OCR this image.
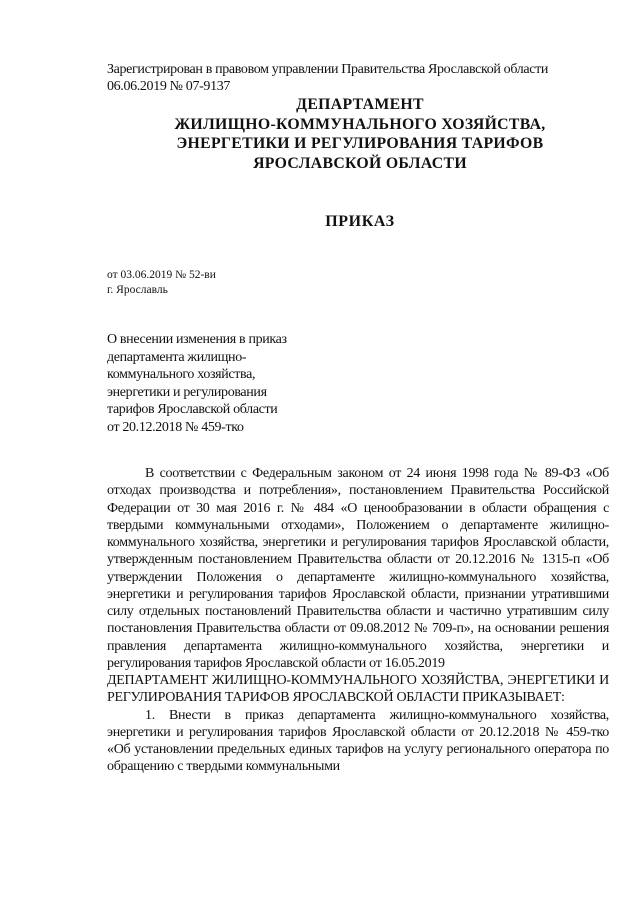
Зарегистрирован в правовом управлении Правительства Ярославской области
06.06.2019 № 07-9137
ДЕПАРТАМЕНТ
ЖИЛИЩНО-КОММУНАЛЬНОГО ХОЗЯЙСТВА,
ЭНЕРГЕТИКИ И РЕГУЛИРОВАНИЯ ТАРИФОВ
ЯРОСЛАВСКОЙ ОБЛАСТИ
ПРИКАЗ
от 03.06.2019 № 52-ви
г. Ярославль
О внесении изменения в приказ
департамента жилищно-
коммунального хозяйства,
энергетики и регулирования
тарифов Ярославской области
от 20.12.2018 № 459-тко

В соответствии с Федеральным законом от 24 июня 1998 года № 89-ФЗ «Об отходах производства и потребления», постановлением Правительства Российской Федерации от 30 мая 2016 г. № 484 «О ценообразовании в области обращения с твердыми коммунальными отходами», Положением о департаменте жилищно-коммунального хозяйства, энергетики и регулирования тарифов Ярославской области, утвержденным постановлением Правительства области от 20.12.2016 № 1315-п «Об утверждении Положения о департаменте жилищно-коммунального хозяйства, энергетики и регулирования тарифов Ярославской области, признании утратившими силу отдельных постановлений Правительства области и частично утратившим силу постановления Правительства области от 09.08.2012 № 709-п», на основании решения правления департамента жилищно-коммунального хозяйства, энергетики и регулирования тарифов Ярославской области от 16.05.2019

ДЕПАРТАМЕНТ ЖИЛИЩНО-КОММУНАЛЬНОГО ХОЗЯЙСТВА, ЭНЕРГЕТИКИ И РЕГУЛИРОВАНИЯ ТАРИФОВ ЯРОСЛАВСКОЙ ОБЛАСТИ ПРИКАЗЫВАЕТ:

1. Внести в приказ департамента жилищно-коммунального хозяйства, энергетики и регулирования тарифов Ярославской области от 20.12.2018 № 459-тко «Об установлении предельных единых тарифов на услугу регионального оператора по обращению с твердыми коммунальными
